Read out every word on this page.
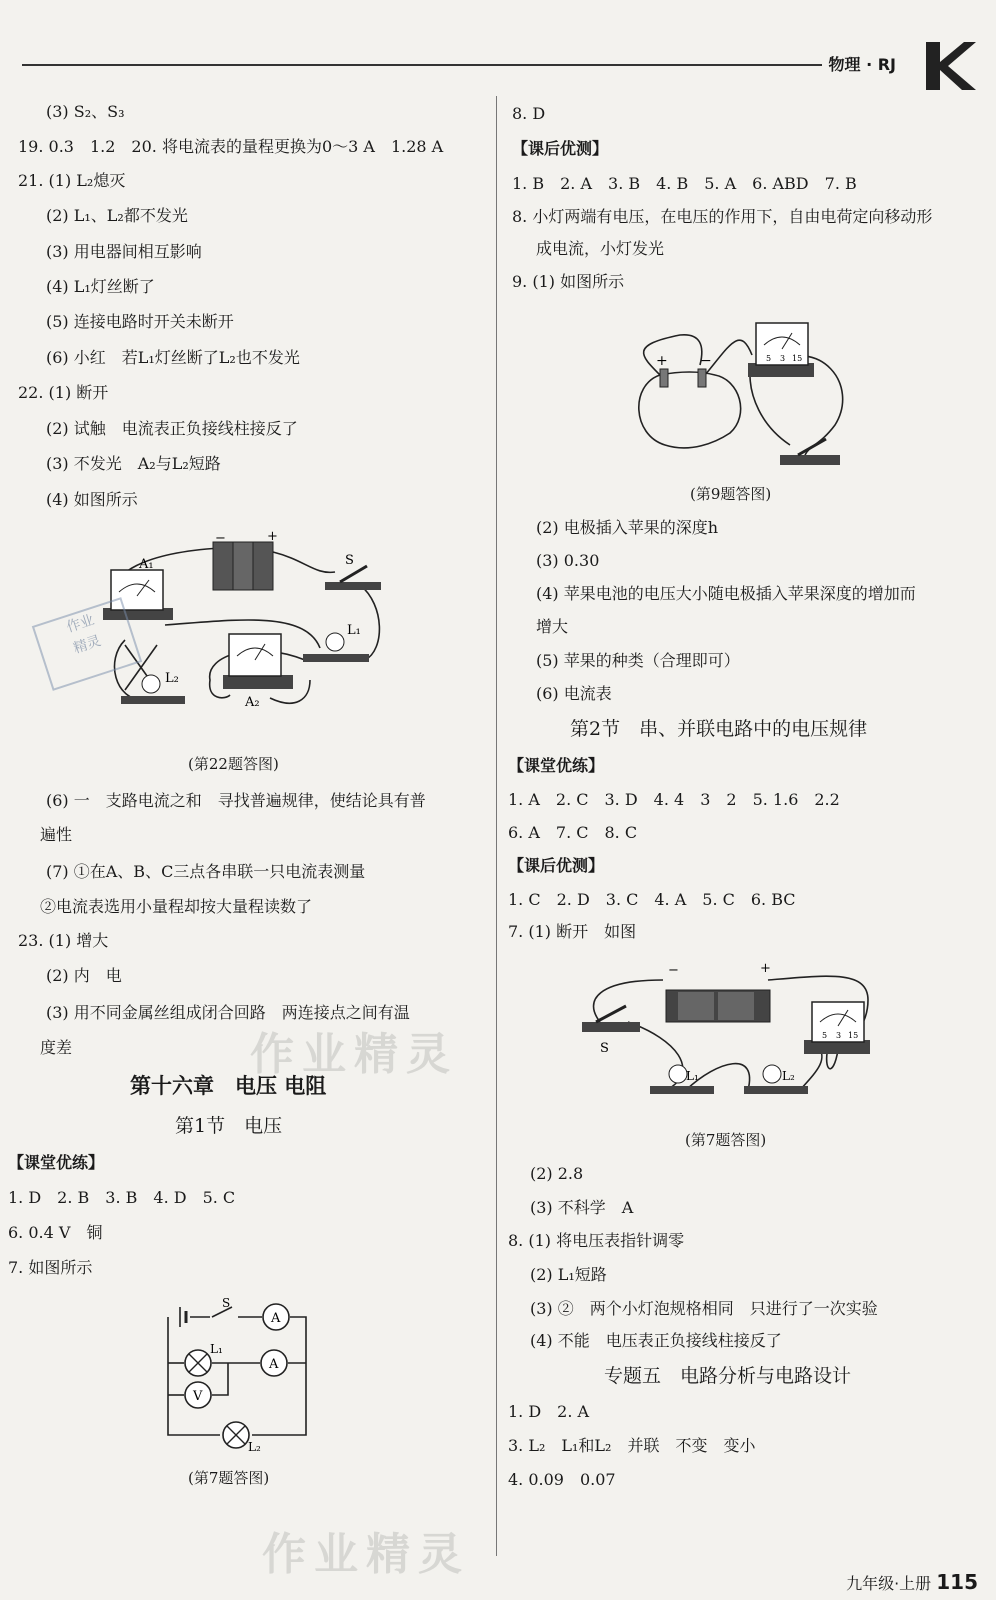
物理 · RJ
(3) S₂、S₃
19. 0.3　1.2　20. 将电流表的量程更换为0～3 A　1.28 A
21. (1) L₂熄灭
(2) L₁、L₂都不发光
(3) 用电器间相互影响
(4) L₁灯丝断了
(5) 连接电路时开关未断开
(6) 小红　若L₁灯丝断了L₂也不发光
22. (1) 断开
(2) 试触　电流表正负接线柱接反了
(3) 不发光　A₂与L₂短路
(4) 如图所示
−	+
A₁	S
L₁
A₂
L₂
作业
精灵
(第22题答图)
(6) 一　支路电流之和　寻找普遍规律，使结论具有普
遍性
(7) ①在A、B、C三点各串联一只电流表测量
②电流表选用小量程却按大量程读数了
23. (1) 增大
(2) 内　电
(3) 用不同金属丝组成闭合回路　两连接点之间有温
度差
第十六章　电压 电阻
第1节　电压
【课堂优练】
1. D　2. B　3. B　4. D　5. C
6. 0.4 V　铜
7. 如图所示
S
A
A
V
L₁
L₂
(第7题答图)
8. D
【课后优测】
1. B　2. A　3. B　4. B　5. A　6. ABD　7. B
8. 小灯两端有电压，在电压的作用下，自由电荷定向移动形
成电流，小灯发光
9. (1) 如图所示
+ −	5 3 15
(第9题答图)
(2) 电极插入苹果的深度h
(3) 0.30
(4) 苹果电池的电压大小随电极插入苹果深度的增加而
增大
(5) 苹果的种类（合理即可）
(6) 电流表
第2节　串、并联电路中的电压规律
【课堂优练】
1. A　2. C　3. D　4. 4　3　2　5. 1.6　2.2
6. A　7. C　8. C
【课后优测】
1. C　2. D　3. C　4. A　5. C　6. BC
7. (1) 断开　如图
−	+
S
5 3 15
L₁	L₂
(第7题答图)
(2) 2.8
(3) 不科学　A
8. (1) 将电压表指针调零
(2) L₁短路
(3) ②　两个小灯泡规格相同　只进行了一次实验
(4) 不能　电压表正负接线柱接反了
专题五　电路分析与电路设计
1. D　2. A
3. L₂　L₁和L₂　并联　不变　变小
4. 0.09　0.07
作业精灵
作业精灵
九年级·上册 115
